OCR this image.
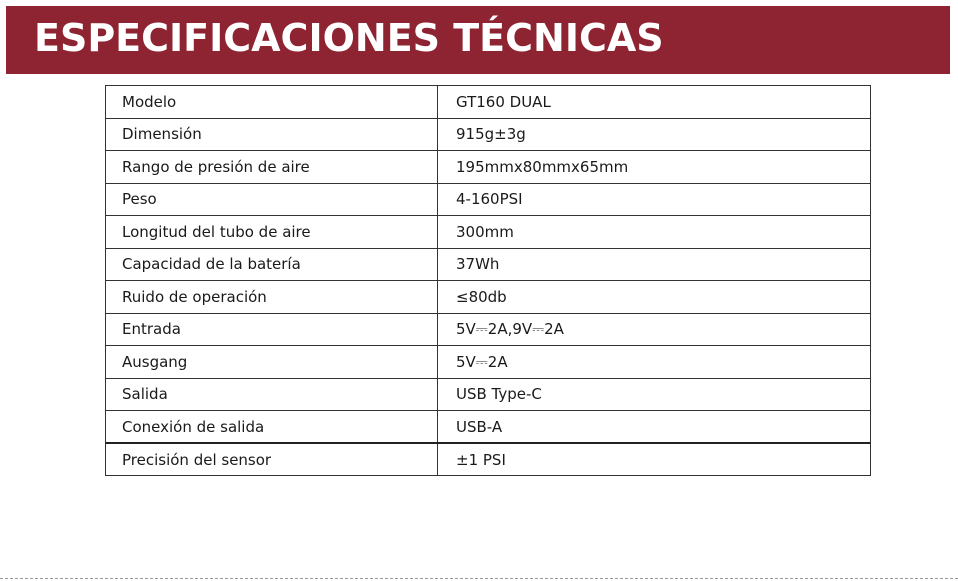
ESPECIFICACIONES TÉCNICAS
Modelo	GT160 DUAL
Dimensión	915g±3g
Rango de presión de aire	195mmx80mmx65mm
Peso	4-160PSI
Longitud del tubo de aire	300mm
Capacidad de la batería	37Wh
Ruido de operación	≤80db
Entrada	5V⎓2A,9V⎓2A
Ausgang	5V⎓2A
Salida	USB Type-C
Conexión de salida	USB-A
Precisión del sensor	±1 PSI
